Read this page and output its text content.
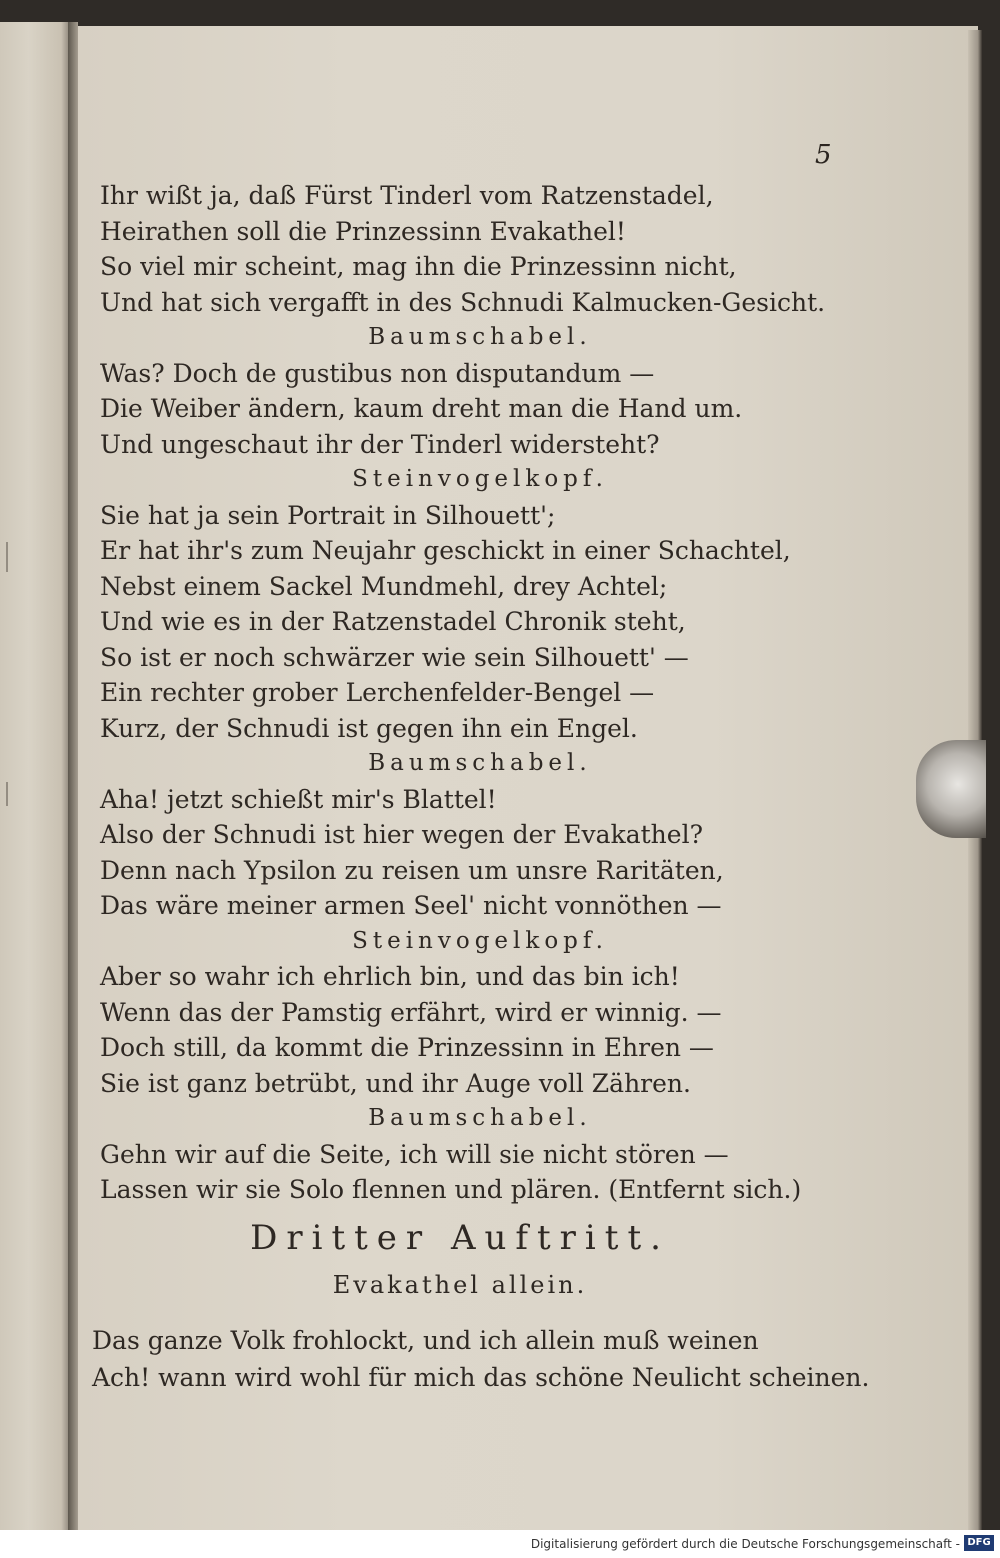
5
Ihr wißt ja, daß Fürst Tinderl vom Ratzenstadel,
Heirathen soll die Prinzessinn Evakathel!
So viel mir scheint, mag ihn die Prinzessinn nicht,
Und hat sich vergafft in des Schnudi Kalmucken-Gesicht.
Baumschabel.
Was? Doch de gustibus non disputandum —
Die Weiber ändern, kaum dreht man die Hand um.
Und ungeschaut ihr der Tinderl widersteht?
Steinvogelkopf.
Sie hat ja sein Portrait in Silhouett';
Er hat ihr's zum Neujahr geschickt in einer Schachtel,
Nebst einem Sackel Mundmehl, drey Achtel;
Und wie es in der Ratzenstadel Chronik steht,
So ist er noch schwärzer wie sein Silhouett' —
Ein rechter grober Lerchenfelder-Bengel —
Kurz, der Schnudi ist gegen ihn ein Engel.
Baumschabel.
Aha! jetzt schießt mir's Blattel!
Also der Schnudi ist hier wegen der Evakathel?
Denn nach Ypsilon zu reisen um unsre Raritäten,
Das wäre meiner armen Seel' nicht vonnöthen —
Steinvogelkopf.
Aber so wahr ich ehrlich bin, und das bin ich!
Wenn das der Pamstig erfährt, wird er winnig. —
Doch still, da kommt die Prinzessinn in Ehren —
Sie ist ganz betrübt, und ihr Auge voll Zähren.
Baumschabel.
Gehn wir auf die Seite, ich will sie nicht stören —
Lassen wir sie Solo flennen und plären. (Entfernt sich.)
Dritter Auftritt.
Evakathel allein.
Das ganze Volk frohlockt, und ich allein muß weinen
Ach! wann wird wohl für mich das schöne Neulicht scheinen.
Digitalisierung gefördert durch die Deutsche Forschungsgemeinschaft - DFG
